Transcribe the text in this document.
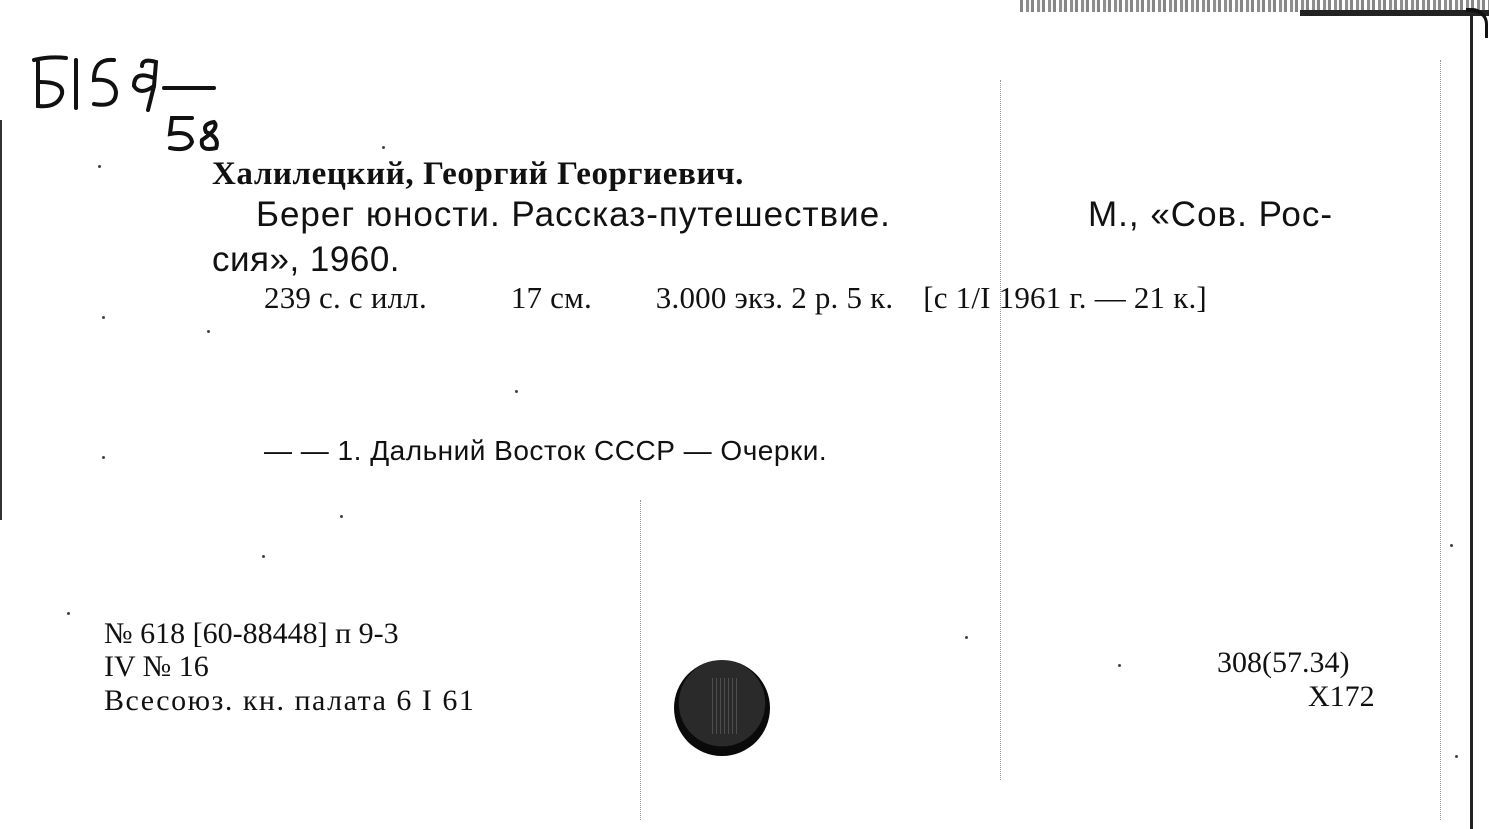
Халилецкий, Георгий Георгиевич.
Берег юности. Рассказ-путешествие.	М., «Сов. Рос-
сия», 1960.
239 с. с илл.	17 см. 3.000 экз. 2 р. 5 к. [с 1/I 1961 г. — 21 к.]
— — 1. Дальний Восток СССР — Очерки.
№ 618 [60-88448] п 9-3
IV № 16
Всесоюз. кн. палата 6 I 61
308(57.34)
Х172
